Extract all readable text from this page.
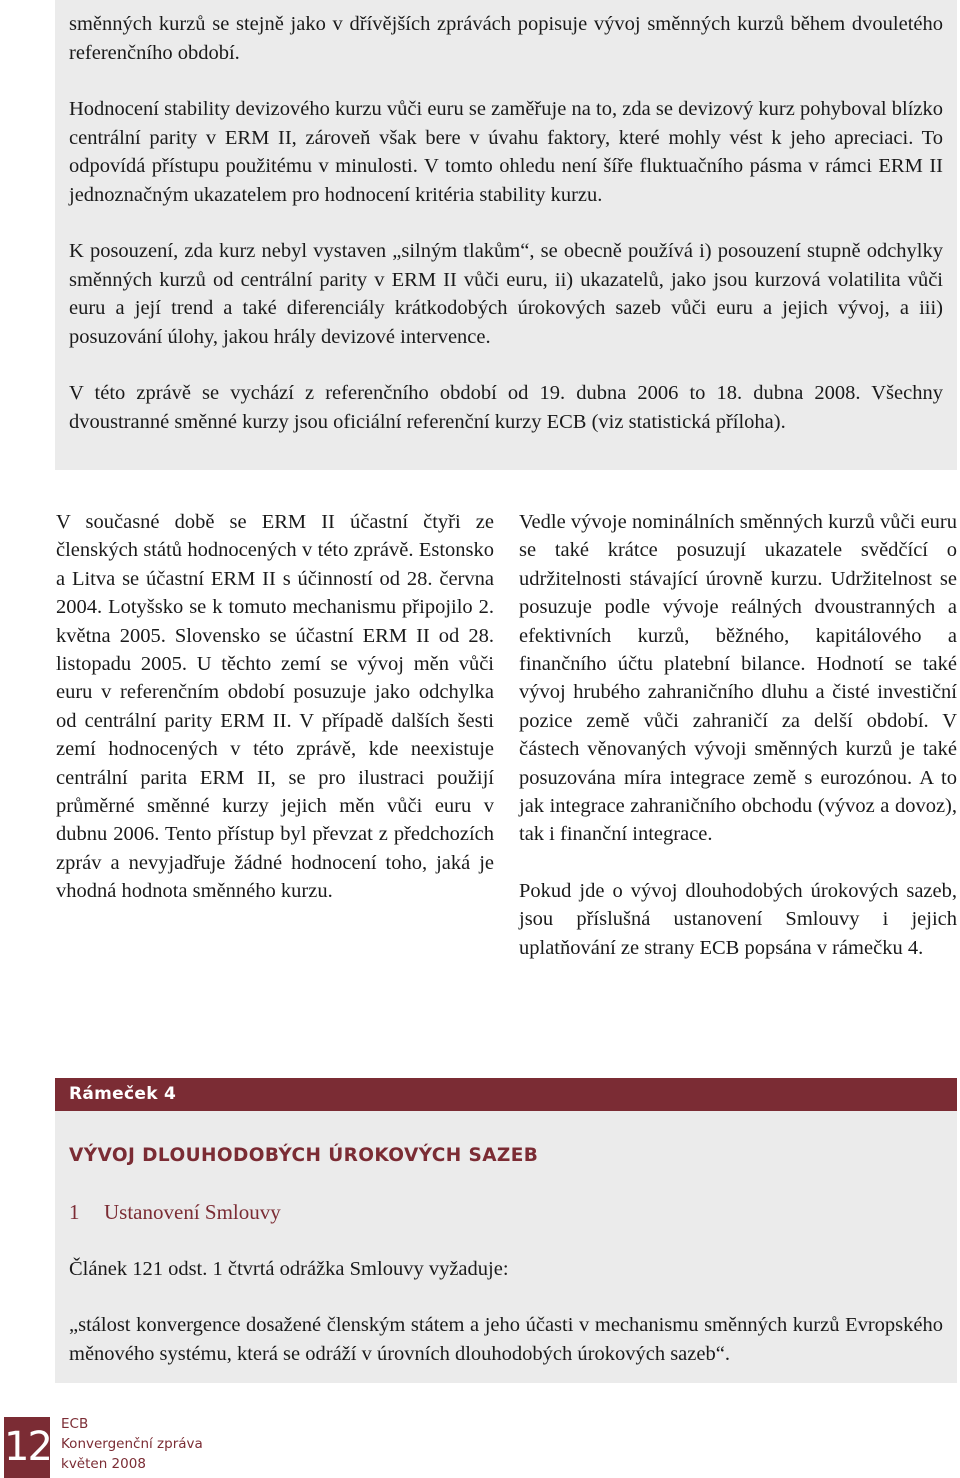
směnných kurzů se stejně jako v dřívějších zprávách popisuje vývoj směnných kurzů během dvouletého referenčního období.

Hodnocení stability devizového kurzu vůči euru se zaměřuje na to, zda se devizový kurz pohyboval blízko centrální parity v ERM II, zároveň však bere v úvahu faktory, které mohly vést k jeho apreciaci. To odpovídá přístupu použitému v minulosti. V tomto ohledu není šíře fluktuačního pásma v rámci ERM II jednoznačným ukazatelem pro hodnocení kritéria stability kurzu.

K posouzení, zda kurz nebyl vystaven „silným tlakům“, se obecně používá i) posouzení stupně odchylky směnných kurzů od centrální parity v ERM II vůči euru, ii) ukazatelů, jako jsou kurzová volatilita vůči euru a její trend a také diferenciály krátkodobých úrokových sazeb vůči euru a jejich vývoj, a iii) posuzování úlohy, jakou hrály devizové intervence.

V této zprávě se vychází z referenčního období od 19. dubna 2006 to 18. dubna 2008. Všechny dvoustranné směnné kurzy jsou oficiální referenční kurzy ECB (viz statistická příloha).

V současné době se ERM II účastní čtyři ze členských států hodnocených v této zprávě. Estonsko a Litva se účastní ERM II s účinností od 28. června 2004. Lotyšsko se k tomuto mechanismu připojilo 2. května 2005. Slovensko se účastní ERM II od 28. listopadu 2005. U těchto zemí se vývoj měn vůči euru v referenčním období posuzuje jako odchylka od centrální parity ERM II. V případě dalších šesti zemí hodnocených v této zprávě, kde neexistuje centrální parita ERM II, se pro ilustraci použijí průměrné směnné kurzy jejich měn vůči euru v dubnu 2006. Tento přístup byl převzat z předchozích zpráv a nevyjadřuje žádné hodnocení toho, jaká je vhodná hodnota směnného kurzu.

Vedle vývoje nominálních směnných kurzů vůči euru se také krátce posuzují ukazatele svědčící o udržitelnosti stávající úrovně kurzu. Udržitelnost se posuzuje podle vývoje reálných dvoustranných a efektivních kurzů, běžného, kapitálového a finančního účtu platební bilance. Hodnotí se také vývoj hrubého zahraničního dluhu a čisté investiční pozice země vůči zahraničí za delší období. V částech věnovaných vývoji směnných kurzů je také posuzována míra integrace země s eurozónou. A to jak integrace zahraničního obchodu (vývoz a dovoz), tak i finanční integrace.

Pokud jde o vývoj dlouhodobých úrokových sazeb, jsou příslušná ustanovení Smlouvy i jejich uplatňování ze strany ECB popsána v rámečku 4.

Rámeček 4
VÝVOJ DLOUHODOBÝCH ÚROKOVÝCH SAZEB
1 Ustanovení Smlouvy

Článek 121 odst. 1 čtvrtá odrážka Smlouvy vyžaduje:

„stálost konvergence dosažené členským státem a jeho účasti v mechanismu směnných kurzů Evropského měnového systému, která se odráží v úrovních dlouhodobých úrokových sazeb“.

12 ECB
Konvergenční zpráva
květen 2008
